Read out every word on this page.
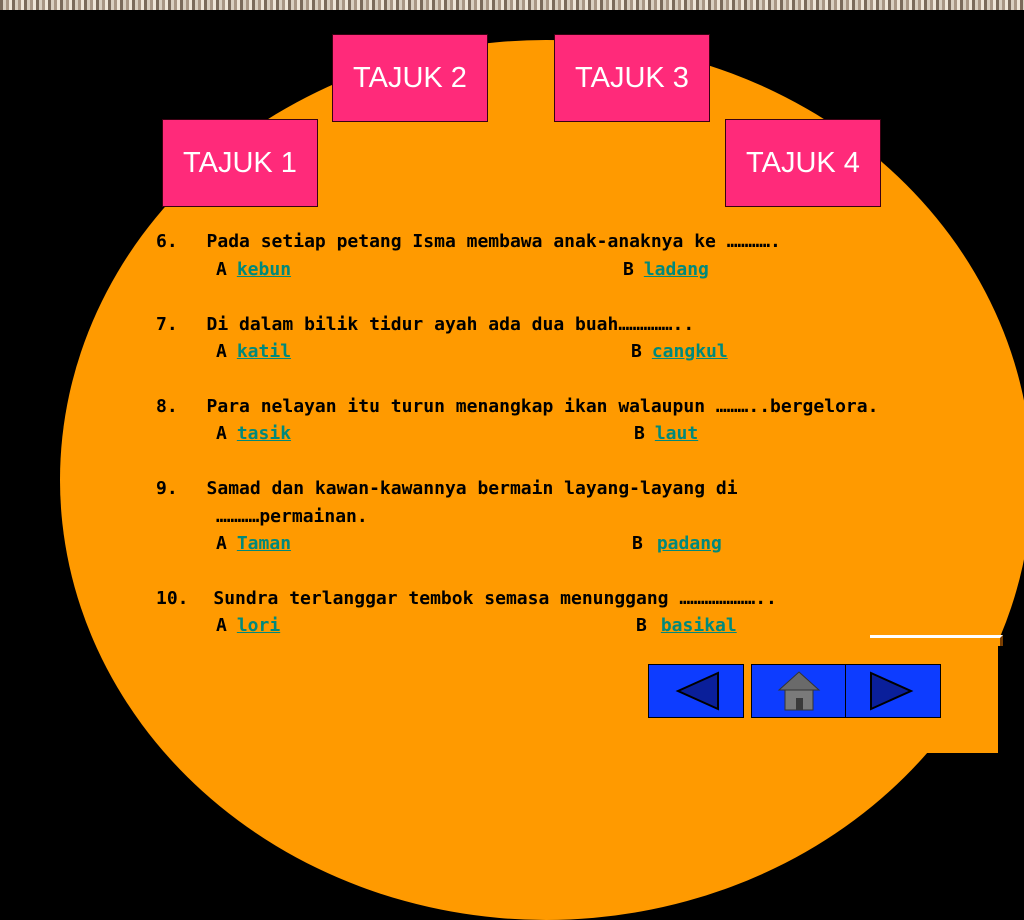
TAJUK 2	TAJUK 3
TAJUK 1	TAJUK 4
6. Pada setiap petang Isma membawa anak-anaknya ke ………….
A kebun	B ladang
7. Di dalam bilik tidur ayah ada dua buah……………..
A katil	B cangkul
8. Para nelayan itu turun menangkap ikan walaupun ………..bergelora.
A tasik	B laut
9. Samad dan kawan-kawannya bermain layang-layang di
…………permainan.
A Taman	B padang
10. Sundra terlanggar tembok semasa menunggang …………………..
A lori	B basikal
